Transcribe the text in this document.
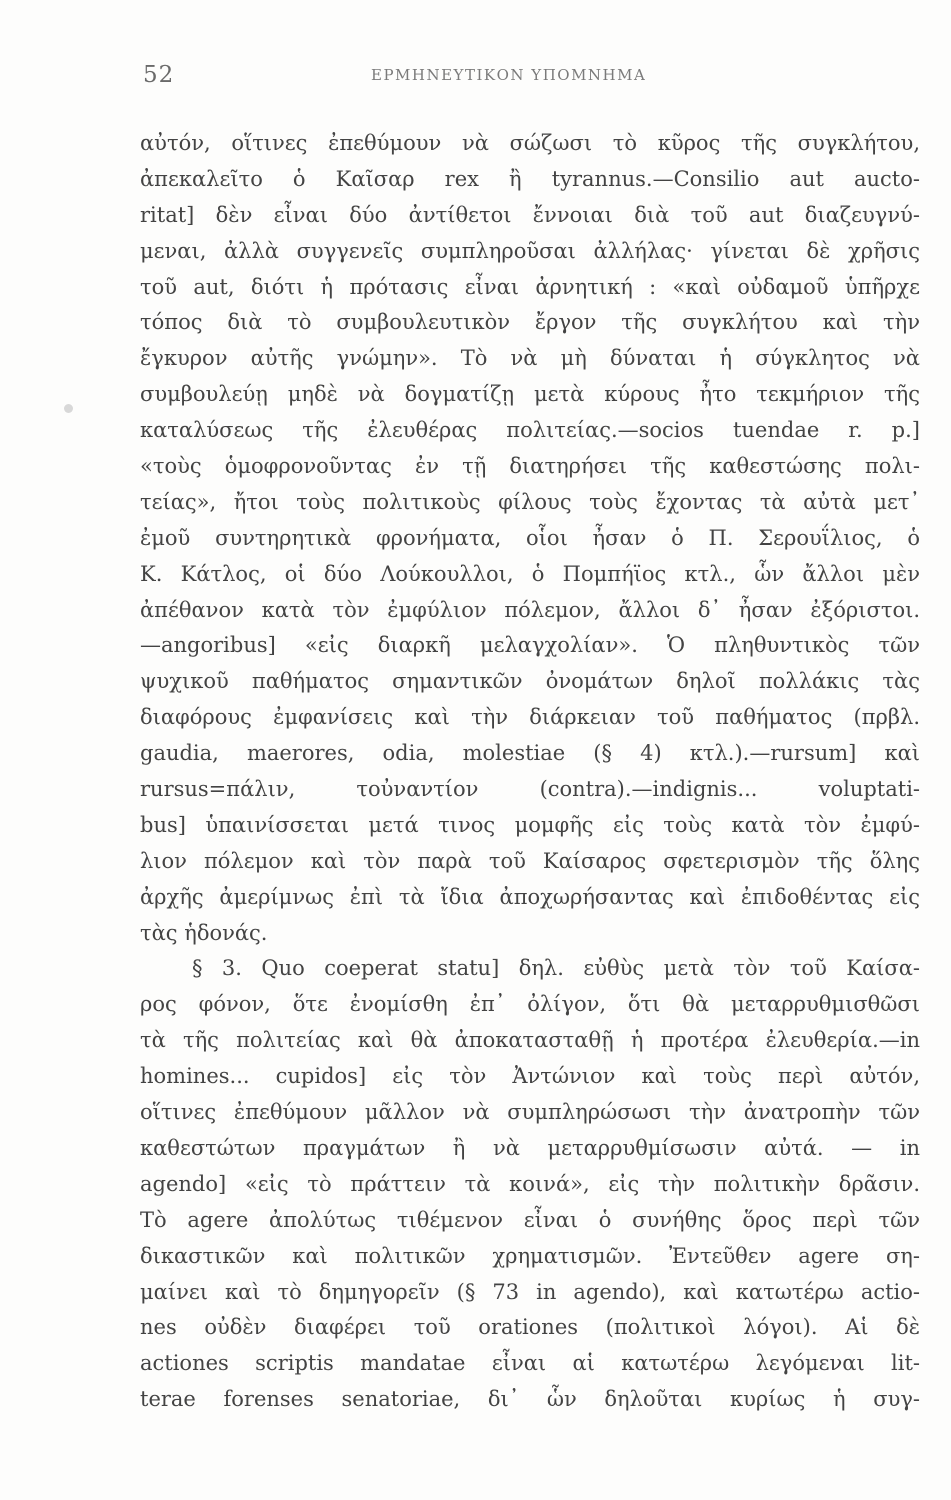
52	ΕΡΜΗΝΕΥΤΙΚΟΝ ΥΠΟΜΝΗΜΑ
αὐτόν, οἵτινες ἐπεθύμουν νὰ σώζωσι τὸ κῦρος τῆς συγκλήτου,
ἀπεκαλεῖτο ὁ Καῖσαρ rex ἢ tyrannus.—Consilio aut aucto-
ritat] δὲν εἶναι δύο ἀντίθετοι ἔννοιαι διὰ τοῦ aut διαζευγνύ-
μεναι, ἀλλὰ συγγενεῖς συμπληροῦσαι ἀλλήλας· γίνεται δὲ χρῆσις
τοῦ aut, διότι ἡ πρότασις εἶναι ἀρνητική : «καὶ οὐδαμοῦ ὑπῆρχε
τόπος διὰ τὸ συμβουλευτικὸν ἔργον τῆς συγκλήτου καὶ τὴν
ἔγκυρον αὐτῆς γνώμην». Τὸ νὰ μὴ δύναται ἡ σύγκλητος νὰ
συμβουλεύῃ μηδὲ νὰ δογματίζῃ μετὰ κύρους ἦτο τεκμήριον τῆς
καταλύσεως τῆς ἐλευθέρας πολιτείας.—socios tuendae r. p.]
«τοὺς ὁμοφρονοῦντας ἐν τῇ διατηρήσει τῆς καθεστώσης πολι-
τείας», ἤτοι τοὺς πολιτικοὺς φίλους τοὺς ἔχοντας τὰ αὐτὰ μετ᾽
ἐμοῦ συντηρητικὰ φρονήματα, οἷοι ἦσαν ὁ Π. Σερουΐλιος, ὁ
Κ. Κάτλος, οἱ δύο Λούκουλλοι, ὁ Πομπήϊος κτλ., ὧν ἄλλοι μὲν
ἀπέθανον κατὰ τὸν ἐμφύλιον πόλεμον, ἄλλοι δ᾽ ἦσαν ἐξόριστοι.
—angoribus] «εἰς διαρκῆ μελαγχολίαν». Ὁ πληθυντικὸς τῶν
ψυχικοῦ παθήματος σημαντικῶν ὀνομάτων δηλοῖ πολλάκις τὰς
διαφόρους ἐμφανίσεις καὶ τὴν διάρκειαν τοῦ παθήματος (πρβλ.
gaudia, maerores, odia, molestiae (§ 4) κτλ.).—rursum] καὶ
rursus=πάλιν, τοὐναντίον (contra).—indignis... voluptati-
bus] ὑπαινίσσεται μετά τινος μομφῆς εἰς τοὺς κατὰ τὸν ἐμφύ-
λιον πόλεμον καὶ τὸν παρὰ τοῦ Καίσαρος σφετερισμὸν τῆς ὅλης
ἀρχῆς ἀμερίμνως ἐπὶ τὰ ἴδια ἀποχωρήσαντας καὶ ἐπιδοθέντας εἰς
τὰς ἡδονάς.
§ 3. Quo coeperat statu] δηλ. εὐθὺς μετὰ τὸν τοῦ Καίσα-
ρος φόνον, ὅτε ἐνομίσθη ἐπ᾽ ὀλίγον, ὅτι θὰ μεταρρυθμισθῶσι
τὰ τῆς πολιτείας καὶ θὰ ἀποκατασταθῇ ἡ προτέρα ἐλευθερία.—in
homines... cupidos] εἰς τὸν Ἀντώνιον καὶ τοὺς περὶ αὐτόν,
οἵτινες ἐπεθύμουν μᾶλλον νὰ συμπληρώσωσι τὴν ἀνατροπὴν τῶν
καθεστώτων πραγμάτων ἢ νὰ μεταρρυθμίσωσιν αὐτά. — in
agendo] «εἰς τὸ πράττειν τὰ κοινά», εἰς τὴν πολιτικὴν δρᾶσιν.
Τὸ agere ἀπολύτως τιθέμενον εἶναι ὁ συνήθης ὅρος περὶ τῶν
δικαστικῶν καὶ πολιτικῶν χρηματισμῶν. Ἐντεῦθεν agere ση-
μαίνει καὶ τὸ δημηγορεῖν (§ 73 in agendo), καὶ κατωτέρω actio-
nes οὐδὲν διαφέρει τοῦ orationes (πολιτικοὶ λόγοι). Αἱ δὲ
actiones scriptis mandatae εἶναι αἱ κατωτέρω λεγόμεναι lit-
terae forenses senatoriae, δι᾽ ὧν δηλοῦται κυρίως ἡ συγ-
